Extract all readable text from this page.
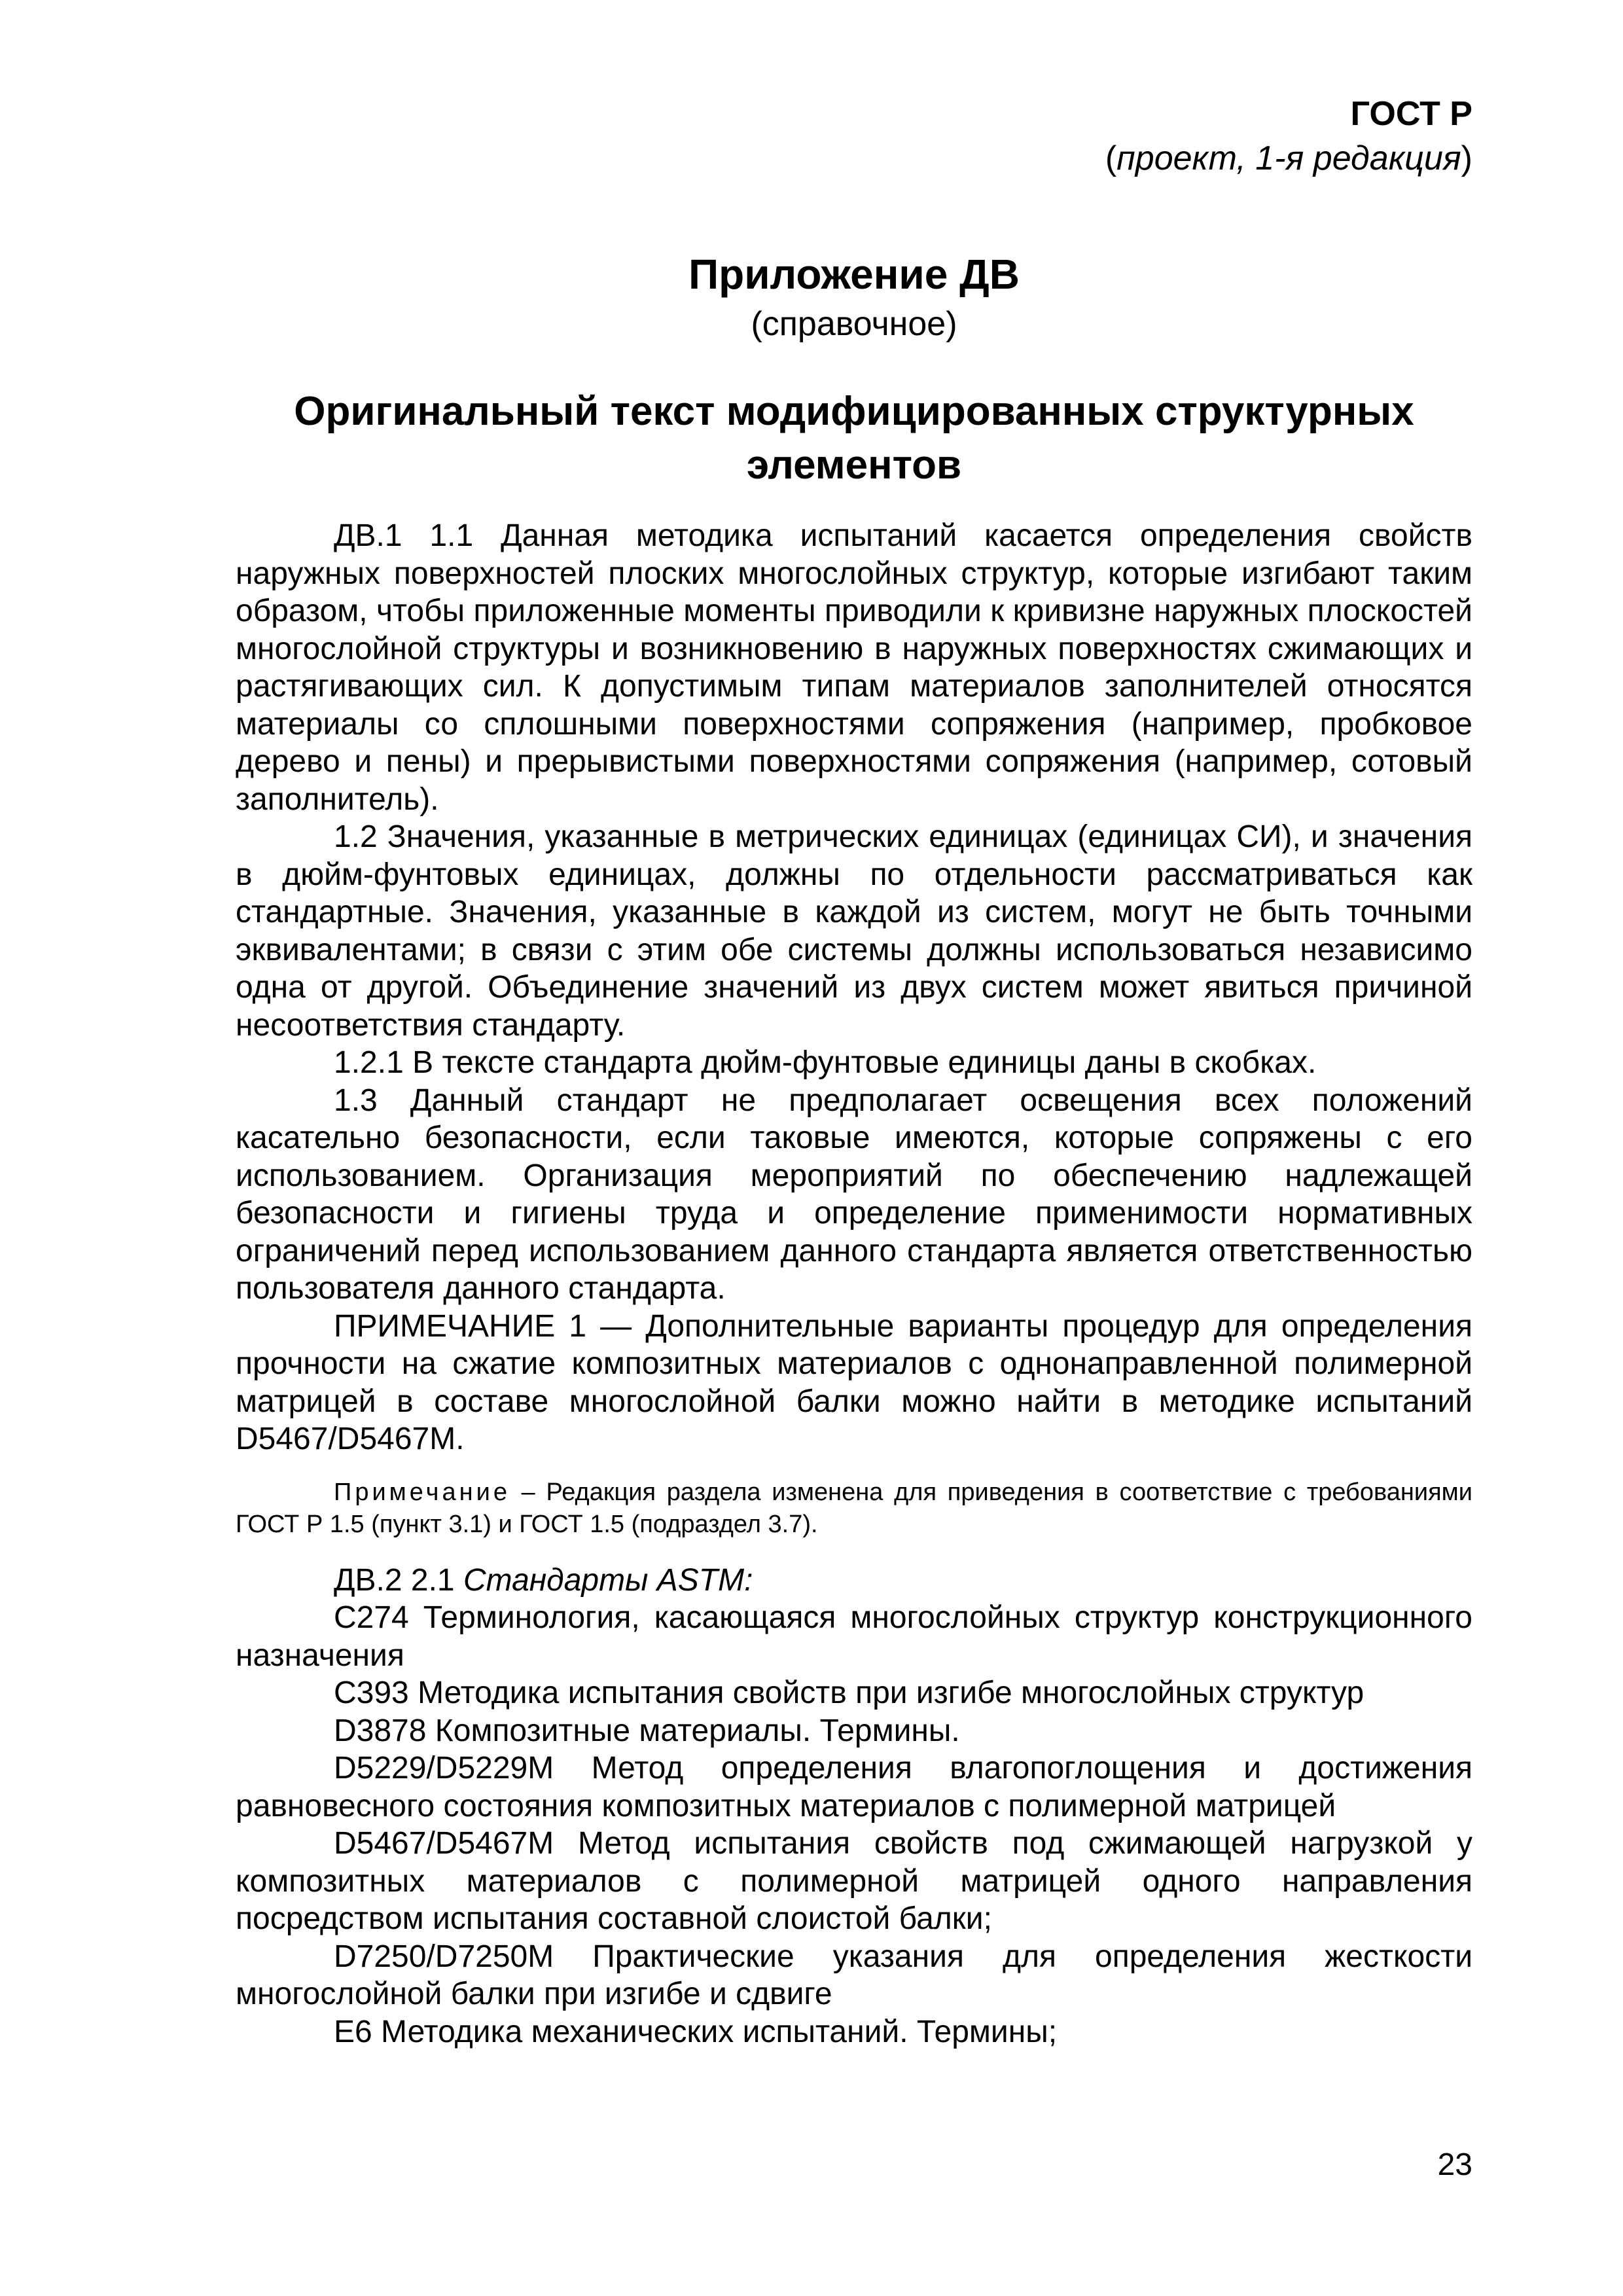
ГОСТ Р
(проект, 1-я редакция)
Приложение ДВ
(справочное)
Оригинальный текст модифицированных структурных
элементов

ДВ.1 1.1 Данная методика испытаний касается определения свойств наружных поверхностей плоских многослойных структур, которые изгибают таким образом, чтобы приложенные моменты приводили к кривизне наружных плоскостей многослойной структуры и возникновению в наружных поверхностях сжимающих и растягивающих сил. К допустимым типам материалов заполнителей относятся материалы со сплошными поверхностями сопряжения (например, пробковое дерево и пены) и прерывистыми поверхностями сопряжения (например, сотовый заполнитель).

1.2 Значения, указанные в метрических единицах (единицах СИ), и значения в дюйм-фунтовых единицах, должны по отдельности рассматриваться как стандартные. Значения, указанные в каждой из систем, могут не быть точными эквивалентами; в связи с этим обе системы должны использоваться независимо одна от другой. Объединение значений из двух систем может явиться причиной несоответствия стандарту.

1.2.1 В тексте стандарта дюйм-фунтовые единицы даны в скобках.

1.3 Данный стандарт не предполагает освещения всех положений касательно безопасности, если таковые имеются, которые сопряжены с его использованием. Организация мероприятий по обеспечению надлежащей безопасности и гигиены труда и определение применимости нормативных ограничений перед использованием данного стандарта является ответственностью пользователя данного стандарта.

ПРИМЕЧАНИЕ 1 — Дополнительные варианты процедур для определения прочности на сжатие композитных материалов с однонаправленной полимерной матрицей в составе многослойной балки можно найти в методике испытаний D5467/D5467M.

Примечание – Редакция раздела изменена для приведения в соответствие с требованиями ГОСТ Р 1.5 (пункт 3.1) и ГОСТ 1.5 (подраздел 3.7).

ДВ.2 2.1 Стандарты ASTM:

C274 Терминология, касающаяся многослойных структур конструкционного назначения

C393 Методика испытания свойств при изгибе многослойных структур

D3878 Композитные материалы. Термины.

D5229/D5229M Метод определения влагопоглощения и достижения равновесного состояния композитных материалов с полимерной матрицей

D5467/D5467M Метод испытания свойств под сжимающей нагрузкой у композитных материалов с полимерной матрицей одного направления посредством испытания составной слоистой балки;

D7250/D7250M Практические указания для определения жесткости многослойной балки при изгибе и сдвиге

E6 Методика механических испытаний. Термины;

23
